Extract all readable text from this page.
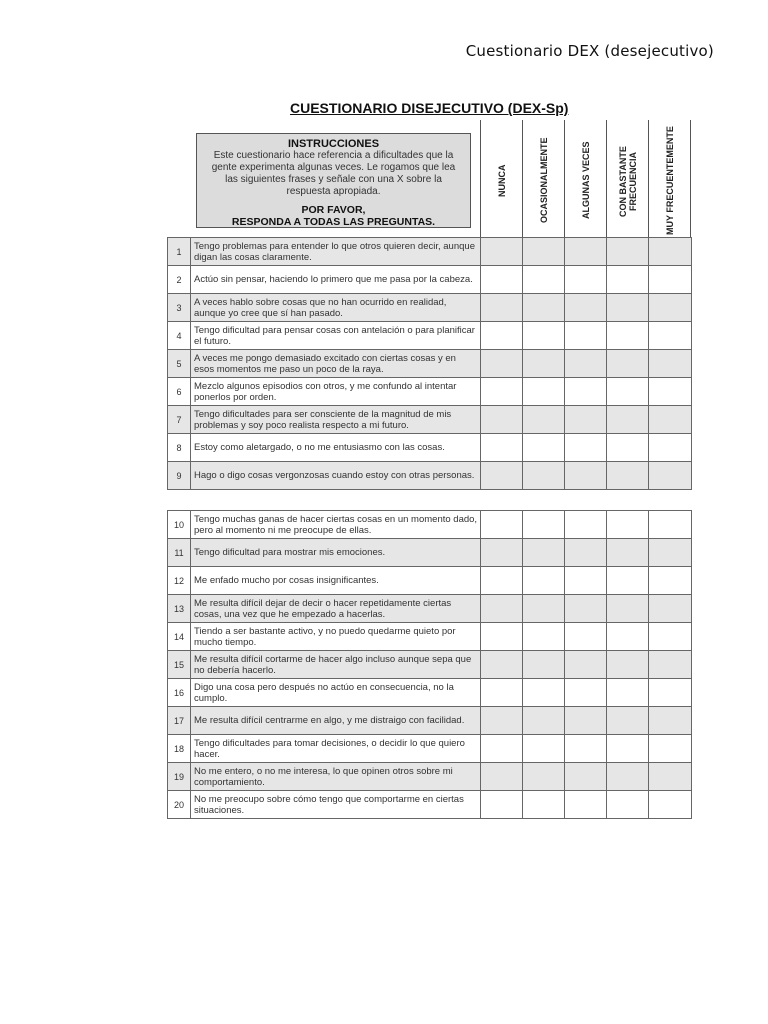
Cuestionario DEX (desejecutivo)
CUESTIONARIO DISEJECUTIVO (DEX-Sp)
INSTRUCCIONES
Este cuestionario hace referencia a dificultades que la gente experimenta algunas veces. Le rogamos que lea las siguientes frases y señale con una X sobre la respuesta apropiada.
POR FAVOR,
RESPONDA A TODAS LAS PREGUNTAS.
NUNCA	OCASIONALMENTE	ALGUNAS VECES	CON BASTANTE FRECUENCIA	MUY FRECUENTEMENTE
1	Tengo problemas para entender lo que otros quieren decir, aunque digan las cosas claramente.					
2	Actúo sin pensar, haciendo lo primero que me pasa por la cabeza.					
3	A veces hablo sobre cosas que no han ocurrido en realidad, aunque yo cree que sí han pasado.					
4	Tengo dificultad para pensar cosas con antelación o para planificar el futuro.					
5	A veces me pongo demasiado excitado con ciertas cosas y en esos momentos me paso un poco de la raya.					
6	Mezclo algunos episodios con otros, y me confundo al intentar ponerlos por orden.					
7	Tengo dificultades para ser consciente de la magnitud de mis problemas y soy poco realista respecto a mi futuro.					
8	Estoy como aletargado, o no me entusiasmo con las cosas.					
9	Hago o digo cosas vergonzosas cuando estoy con otras personas.					
10	Tengo muchas ganas de hacer ciertas cosas en un momento dado, pero al momento ni me preocupe de ellas.					
11	Tengo dificultad para mostrar mis emociones.					
12	Me enfado mucho por cosas insignificantes.					
13	Me resulta difícil dejar de decir o hacer repetidamente ciertas cosas, una vez que he empezado a hacerlas.					
14	Tiendo a ser bastante activo, y no puedo quedarme quieto por mucho tiempo.					
15	Me resulta difícil cortarme de hacer algo incluso aunque sepa que no debería hacerlo.					
16	Digo una cosa pero después no actúo en consecuencia, no la cumplo.					
17	Me resulta difícil centrarme en algo, y me distraigo con facilidad.					
18	Tengo dificultades para tomar decisiones, o decidir lo que quiero hacer.					
19	No me entero, o no me interesa, lo que opinen otros sobre mi comportamiento.					
20	No me preocupo sobre cómo tengo que comportarme en ciertas situaciones.					
